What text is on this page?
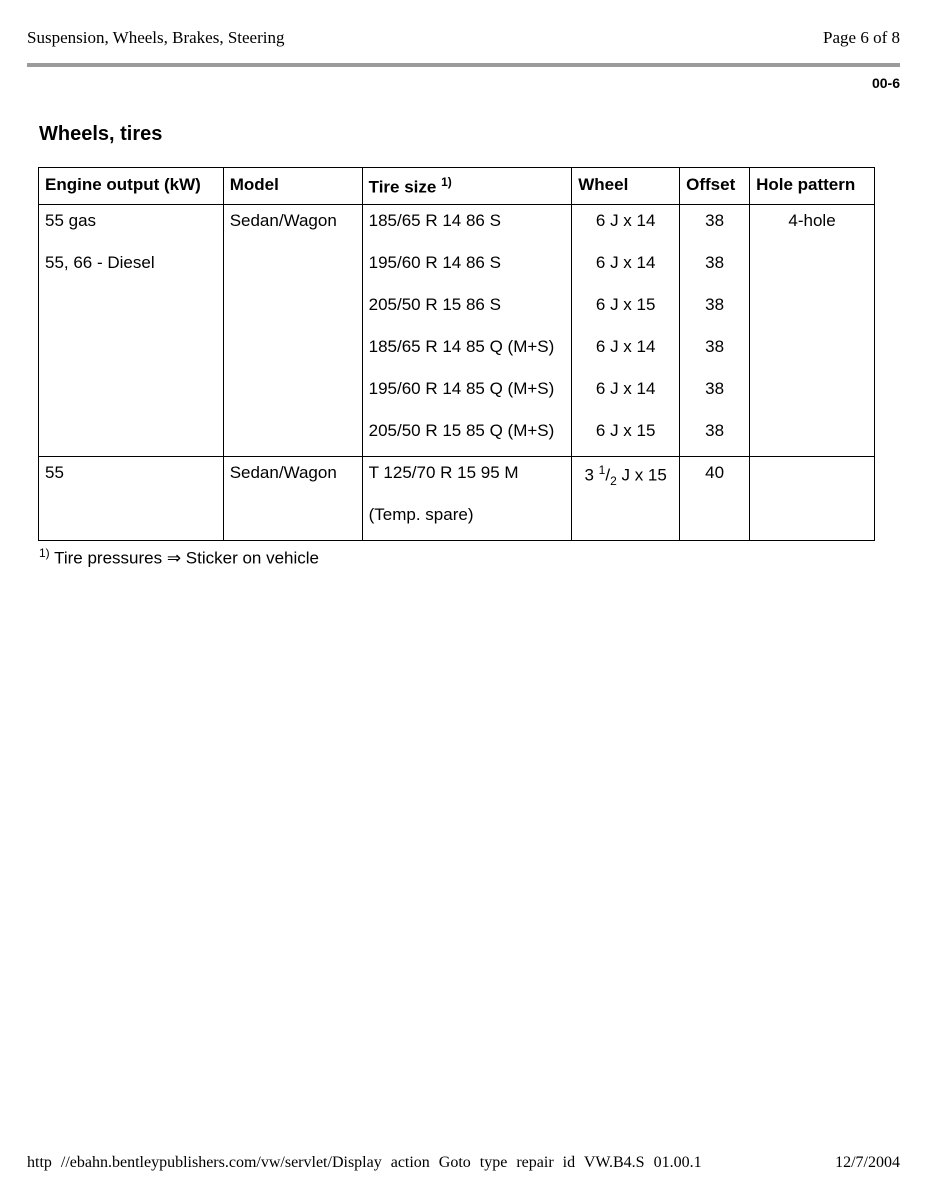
Suspension, Wheels, Brakes, Steering	Page 6 of 8
00-6
Wheels, tires
Engine output (kW)	Model	Tire size $^{1)}$	Wheel	Offset	Hole pattern
55 gas	Sedan/Wagon	185/65 R 14 86 S	6 J x 14	38	4-hole
55, 66 - Diesel		195/60 R 14 86 S	6 J x 14	38	
		205/50 R 15 86 S	6 J x 15	38	
		185/65 R 14 85 Q (M+S)	6 J x 14	38	
		195/60 R 14 85 Q (M+S)	6 J x 14	38	
		205/50 R 15 85 Q (M+S)	6 J x 15	38	
55	Sedan/Wagon	T 125/70 R 15 95 M	3 $^1/_2$ J x 15	40	
		(Temp. spare)			
$^{1)}$ Tire pressures ⇒ Sticker on vehicle
http //ebahn.bentleypublishers.com/vw/servlet/Display action Goto type repair id VW.B4.S 01.00.1	12/7/2004
